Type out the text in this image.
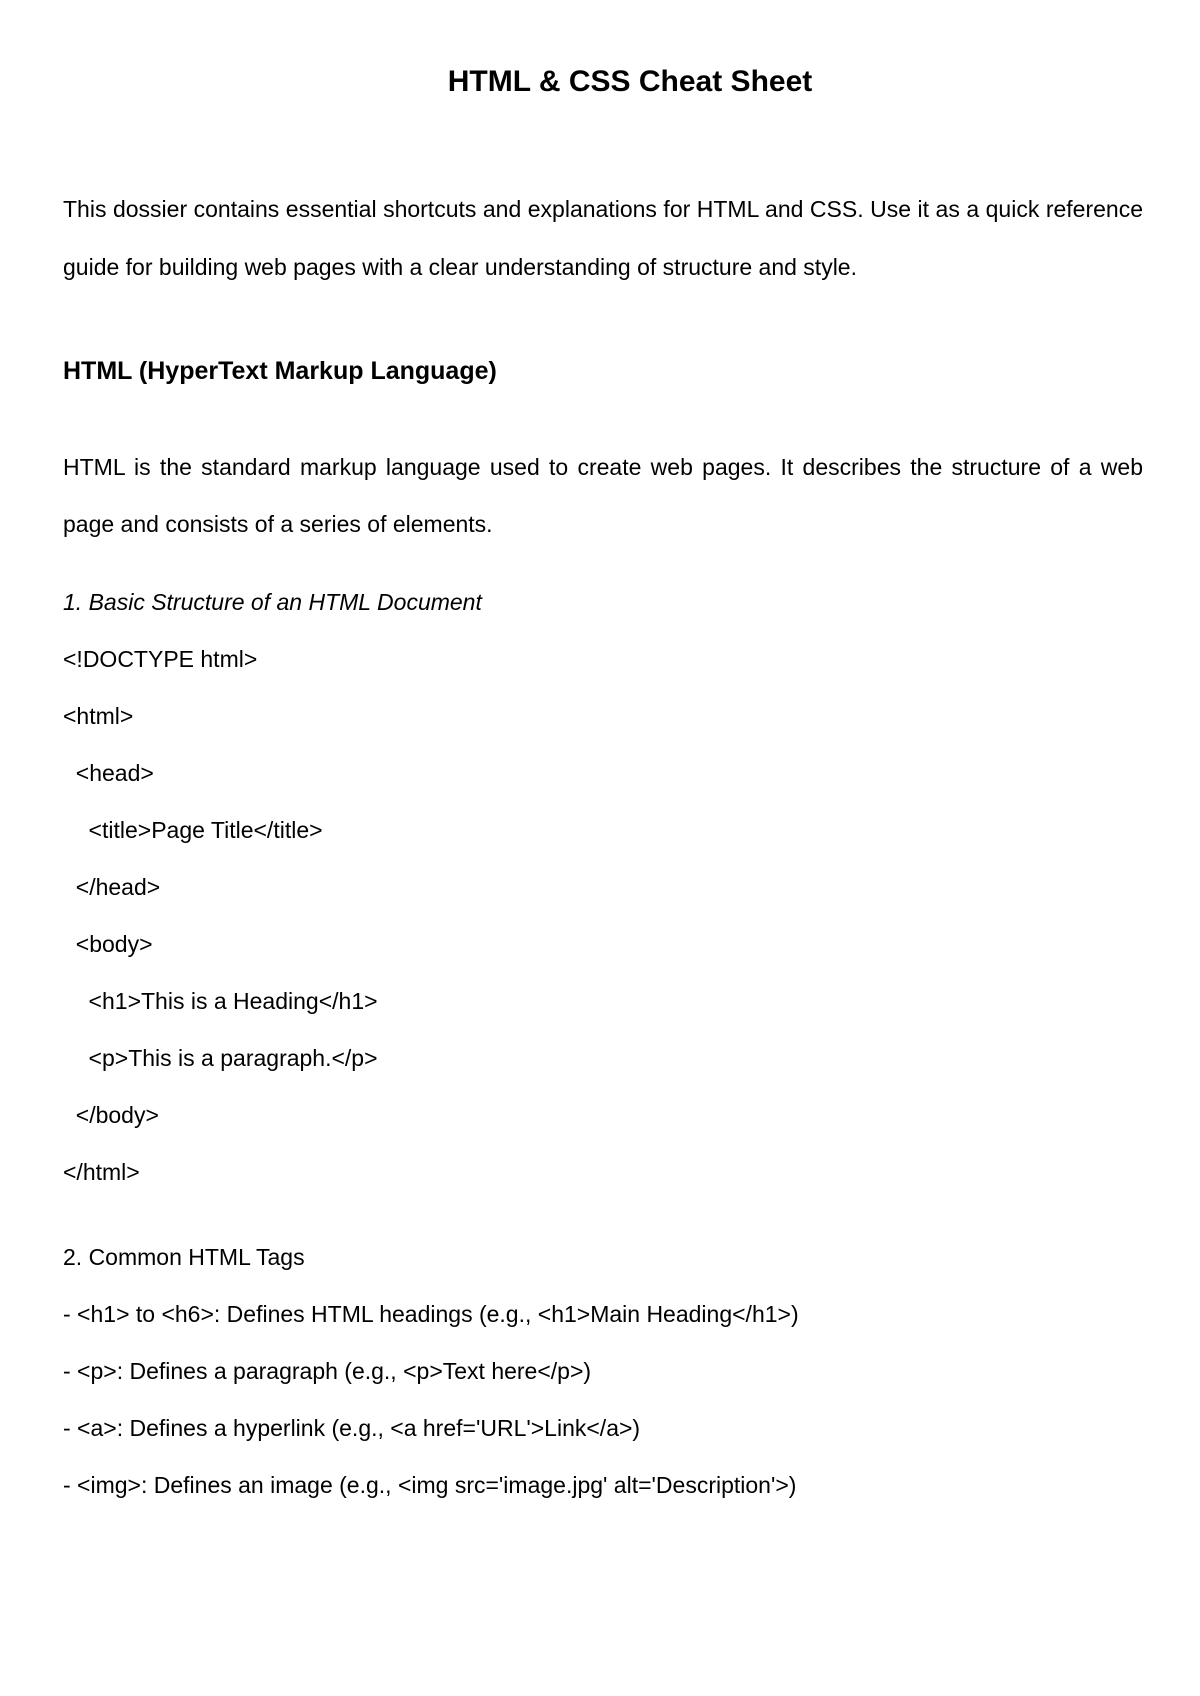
HTML & CSS Cheat Sheet

This dossier contains essential shortcuts and explanations for HTML and CSS. Use it as a quick reference guide for building web pages with a clear understanding of structure and style.

HTML (HyperText Markup Language)

HTML is the standard markup language used to create web pages. It describes the structure of a web page and consists of a series of elements.

1. Basic Structure of an HTML Document
<!DOCTYPE html>
<html>
<head>
<title>Page Title</title>
</head>
<body>
<h1>This is a Heading</h1>
<p>This is a paragraph.</p>
</body>
</html>
2. Common HTML Tags
- <h1> to <h6>: Defines HTML headings (e.g., <h1>Main Heading</h1>)
- <p>: Defines a paragraph (e.g., <p>Text here</p>)
- <a>: Defines a hyperlink (e.g., <a href='URL'>Link</a>)
- <img>: Defines an image (e.g., <img src='image.jpg' alt='Description'>)
